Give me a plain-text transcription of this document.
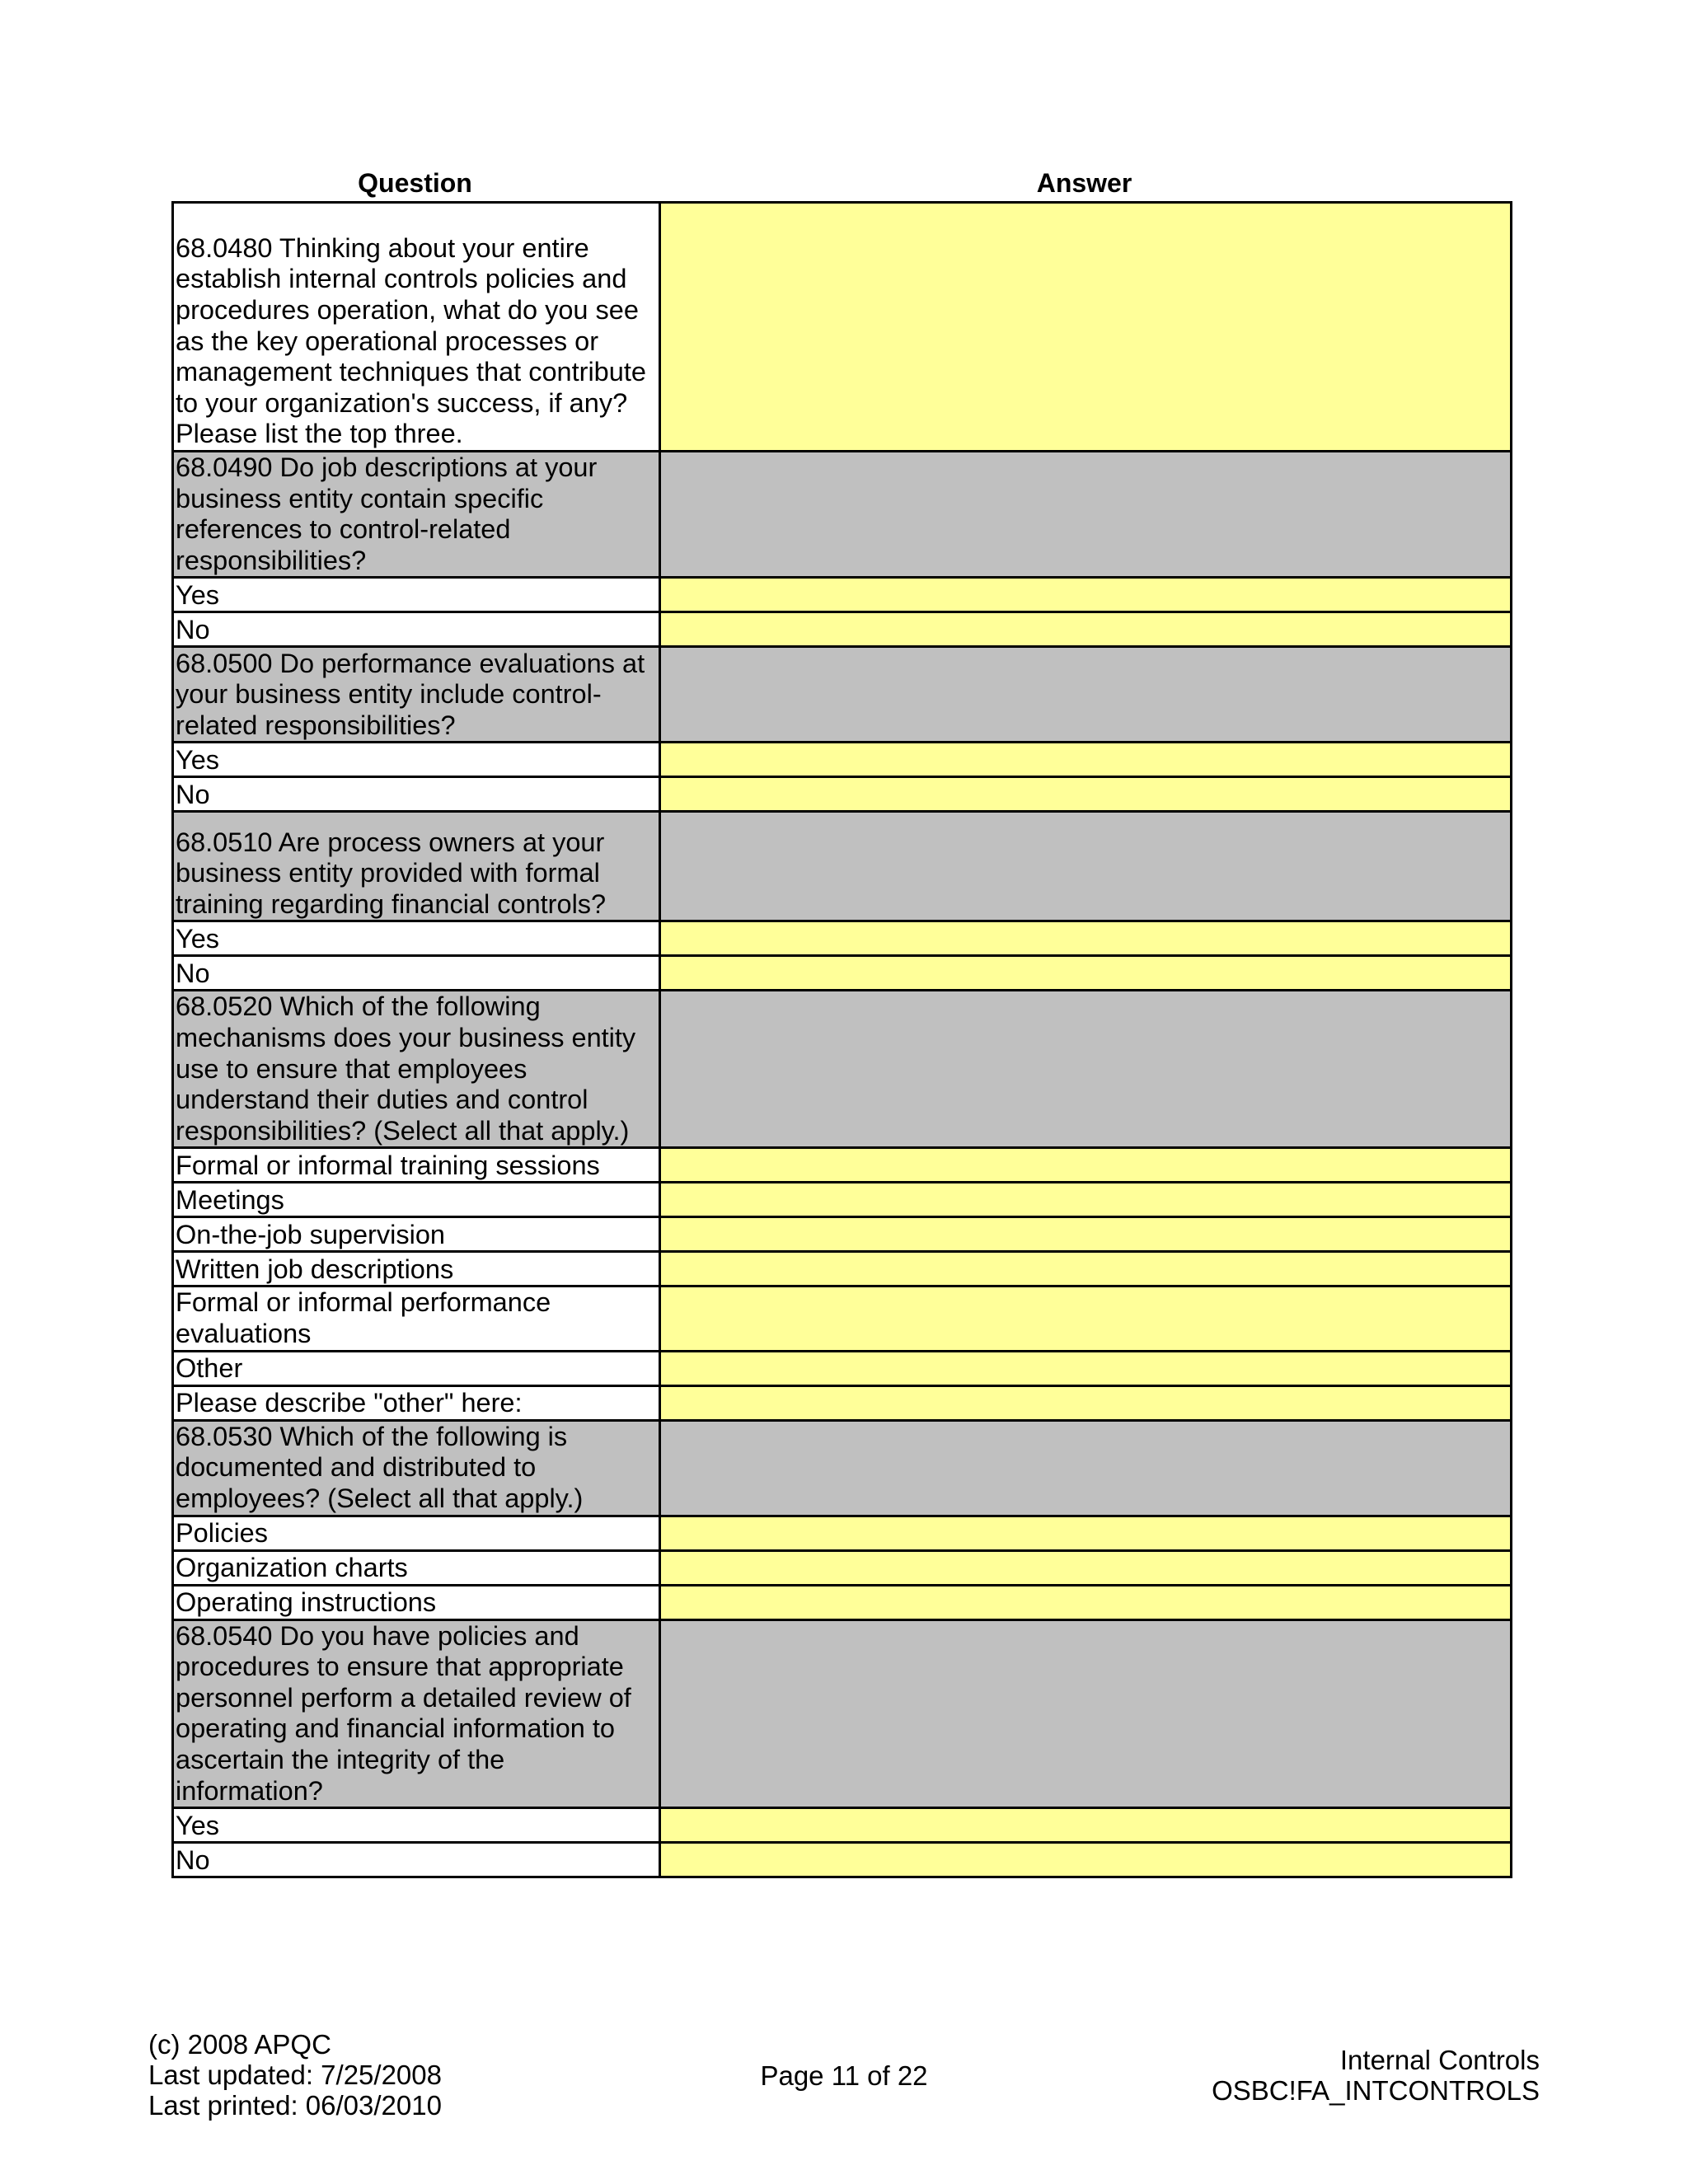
Question	Answer
68.0480 Thinking about your entire establish internal controls policies and procedures operation, what do you see as the key operational processes or management techniques that contribute to your organization's success, if any? Please list the top three.	
68.0490 Do job descriptions at your business entity contain specific references to control-related responsibilities?	
Yes	
No	
68.0500 Do performance evaluations at your business entity include control-related responsibilities?	
Yes	
No	
68.0510 Are process owners at your business entity provided with formal training regarding financial controls?	
Yes	
No	
68.0520 Which of the following mechanisms does your business entity use to ensure that employees understand their duties and control responsibilities? (Select all that apply.)	
Formal or informal training sessions	
Meetings	
On-the-job supervision	
Written job descriptions	
Formal or informal performance evaluations	
Other	
Please describe "other" here:	
68.0530 Which of the following is documented and distributed to employees? (Select all that apply.)	
Policies	
Organization charts	
Operating instructions	
68.0540 Do you have policies and procedures to ensure that appropriate personnel perform a detailed review of operating and financial information to ascertain the integrity of the information?	
Yes	
No	
(c) 2008 APQC
Last updated: 7/25/2008
Last printed: 06/03/2010
Page 11 of 22
Internal Controls
OSBC!FA_INTCONTROLS
